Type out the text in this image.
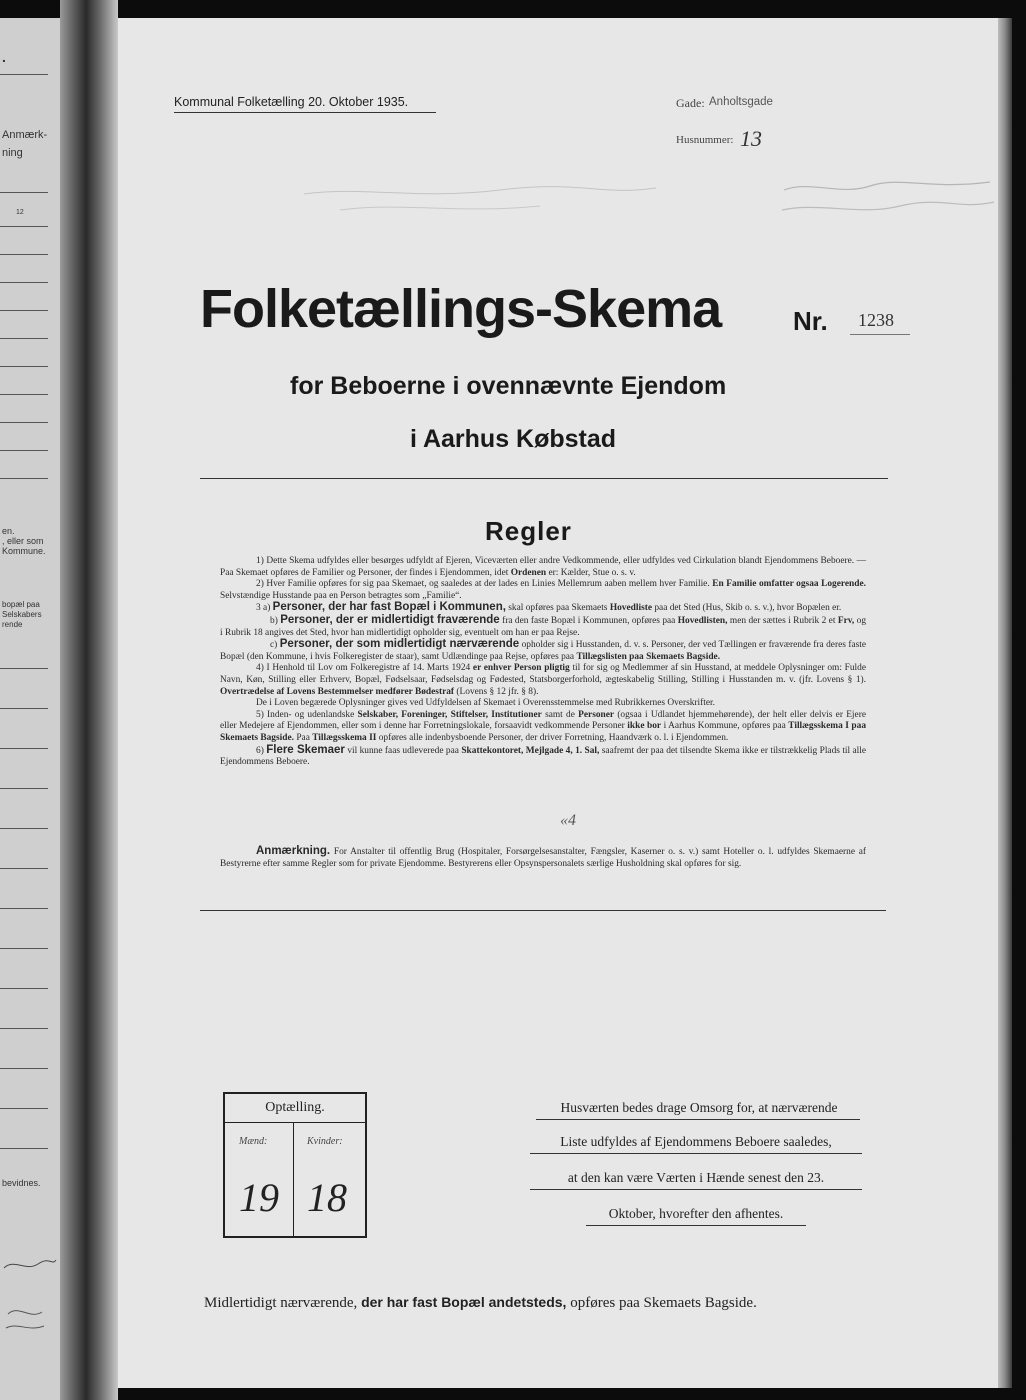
.
Anmærk-
ning
12
en.
, eller som
Kommune.
bopæl paa
Selskabers
rende
bevidnes.
Kommunal Folketælling 20. Oktober 1935.	Gade: Anholtsgade
Husnummer: 13
Folketællings-Skema	Nr. 1238
for Beboerne i ovennævnte Ejendom
i Aarhus Købstad
Regler

1) Dette Skema udfyldes eller besørges udfyldt af Ejeren, Viceværten eller andre Vedkommende, eller udfyldes ved Cirkulation blandt Ejendommens Beboere. — Paa Skemaet opføres de Familier og Personer, der findes i Ejendommen, idet Ordenen er: Kælder, Stue o. s. v.

2) Hver Familie opføres for sig paa Skemaet, og saaledes at der lades en Linies Mellemrum aaben mellem hver Familie. En Familie omfatter ogsaa Logerende. Selvstændige Husstande paa en Person betragtes som „Familie“.

3 a) Personer, der har fast Bopæl i Kommunen, skal opføres paa Skemaets Hovedliste paa det Sted (Hus, Skib o. s. v.), hvor Bopælen er.

b) Personer, der er midlertidigt fraværende fra den faste Bopæl i Kommunen, opføres paa Hovedlisten, men der sættes i Rubrik 2 et Frv, og i Rubrik 18 angives det Sted, hvor han midlertidigt opholder sig, eventuelt om han er paa Rejse.

c) Personer, der som midlertidigt nærværende opholder sig i Husstanden, d. v. s. Personer, der ved Tællingen er fraværende fra deres faste Bopæl (den Kommune, i hvis Folkeregister de staar), samt Udlændinge paa Rejse, opføres paa Tillægslisten paa Skemaets Bagside.

4) I Henhold til Lov om Folkeregistre af 14. Marts 1924 er enhver Person pligtig til for sig og Medlemmer af sin Husstand, at meddele Oplysninger om: Fulde Navn, Køn, Stilling eller Erhverv, Bopæl, Fødselsaar, Fødselsdag og Fødested, Statsborgerforhold, ægteskabelig Stilling, Stilling i Husstanden m. v. (jfr. Lovens § 1). Overtrædelse af Lovens Bestemmelser medfører Bødestraf (Lovens § 12 jfr. § 8).

De i Loven begærede Oplysninger gives ved Udfyldelsen af Skemaet i Overensstemmelse med Rubrikkernes Overskrifter.

5) Inden- og udenlandske Selskaber, Foreninger, Stiftelser, Institutioner samt de Personer (ogsaa i Udlandet hjemmehørende), der helt eller delvis er Ejere eller Medejere af Ejendommen, eller som i denne har Forretningslokale, forsaavidt vedkommende Personer ikke bor i Aarhus Kommune, opføres paa Tillægsskema I paa Skemaets Bagside. Paa Tillægsskema II opføres alle indenbysboende Personer, der driver Forretning, Haandværk o. l. i Ejendommen.

6) Flere Skemaer vil kunne faas udleverede paa Skattekontoret, Mejlgade 4, 1. Sal, saafremt der paa det tilsendte Skema ikke er tilstrækkelig Plads til alle Ejendommens Beboere.

«4

Anmærkning. For Anstalter til offentlig Brug (Hospitaler, Forsørgelsesanstalter, Fængsler, Kaserner o. s. v.) samt Hoteller o. l. udfyldes Skemaerne af Bestyrerne efter samme Regler som for private Ejendomme. Bestyrerens eller Opsynspersonalets særlige Husholdning skal opføres for sig.

Optælling.
Mænd:	Kvinder:
19 18
Husværten bedes drage Omsorg for, at nærværende
Liste udfyldes af Ejendommens Beboere saaledes,
at den kan være Værten i Hænde senest den 23.
Oktober, hvorefter den afhentes.
Midlertidigt nærværende, der har fast Bopæl andetsteds, opføres paa Skemaets Bagside.
